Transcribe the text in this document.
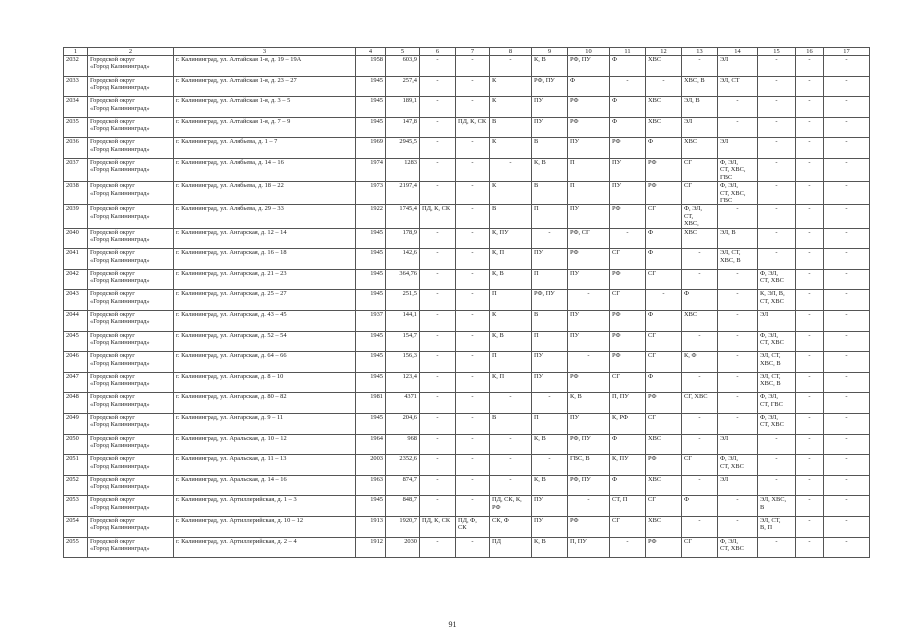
1	2	3	4	5	6	7	8	9	10	11	12	13	14	15	16	17
2032	Городской округ
«Город Калининград»	г. Калининград, ул. Алтайская 1-я, д. 19 – 19А	1958	603,9	-	-	-	К, В	РФ, ПУ	Ф	ХВС	-	ЭЛ	-	-	-
2033	Городской округ
«Город Калининград»	г. Калининград, ул. Алтайская 1-я, д. 23 – 27	1945	257,4	-	-	К	РФ, ПУ	Ф	-	-	ХВС, В	ЭЛ, СТ	-	-	-
2034	Городской округ
«Город Калининград»	г. Калининград, ул. Алтайская 1-я, д. 3 – 5	1945	189,1	-	-	К	ПУ	РФ	Ф	ХВС	ЭЛ, В	-	-	-	-
2035	Городской округ
«Город Калининград»	г. Калининград, ул. Алтайская 1-я, д. 7 – 9	1945	147,8	-	ПД, К, СК	В	ПУ	РФ	Ф	ХВС	ЭЛ	-	-	-	-
2036	Городской округ
«Город Калининград»	г. Калининград, ул. Алябьева, д. 1 – 7	1969	2945,5	-	-	К	В	ПУ	РФ	Ф	ХВС	ЭЛ	-	-	-
2037	Городской округ
«Город Калининград»	г. Калининград, ул. Алябьева, д. 14 – 16	1974	1283	-	-	-	К, В	П	ПУ	РФ	СГ	Ф, ЭЛ,
СТ, ХВС,
ГВС	-	-	-
2038	Городской округ
«Город Калининград»	г. Калининград, ул. Алябьева, д. 18 – 22	1973	2197,4	-	-	К	В	П	ПУ	РФ	СГ	Ф, ЭЛ,
СТ, ХВС,
ГВС	-	-	-
2039	Городской округ
«Город Калининград»	г. Калининград, ул. Алябьева, д. 29 – 33	1922	1745,4	ПД, К, СК	-	В	П	ПУ	РФ	СГ	Ф, ЭЛ,
СТ,
ХВС,	-	-	-	-
2040	Городской округ
«Город Калининград»	г. Калининград, ул. Ангарская, д. 12 – 14	1945	178,9	-	-	К, ПУ	-	РФ, СГ	-	Ф	ХВС	ЭЛ, В	-	-	-
2041	Городской округ
«Город Калининград»	г. Калининград, ул. Ангарская, д. 16 – 18	1945	142,6	-	-	К, П	ПУ	РФ	СГ	Ф	-	ЭЛ, СТ,
ХВС, В	-	-	-
2042	Городской округ
«Город Калининград»	г. Калининград, ул. Ангарская, д. 21 – 23	1945	364,76	-	-	К, В	П	ПУ	РФ	СГ	-	-	Ф, ЭЛ,
СТ, ХВС	-	-
2043	Городской округ
«Город Калининград»	г. Калининград, ул. Ангарская, д. 25 – 27	1945	251,5	-	-	П	РФ, ПУ	-	СГ	-	Ф	-	К, ЭЛ, В,
СТ, ХВС	-	-
2044	Городской округ
«Город Калининград»	г. Калининград, ул. Ангарская, д. 43 – 45	1937	144,1	-	-	К	В	ПУ	РФ	Ф	ХВС	-	ЭЛ	-	-
2045	Городской округ
«Город Калининград»	г. Калининград, ул. Ангарская, д. 52 – 54	1945	154,7	-	-	К, В	П	ПУ	РФ	СГ	-	-	Ф, ЭЛ,
СТ, ХВС	-	-
2046	Городской округ
«Город Калининград»	г. Калининград, ул. Ангарская, д. 64 – 66	1945	156,3	-	-	П	ПУ	-	РФ	СГ	К, Ф	-	ЭЛ, СТ,
ХВС, В	-	-
2047	Городской округ
«Город Калининград»	г. Калининград, ул. Ангарская, д. 8 – 10	1945	123,4	-	-	К, П	ПУ	РФ	СГ	Ф	-	-	ЭЛ, СТ,
ХВС, В	-	-
2048	Городской округ
«Город Калининград»	г. Калининград, ул. Ангарская, д. 80 – 82	1981	4371	-	-	-	-	К, В	П, ПУ	РФ	СГ, ХВС	-	Ф, ЭЛ,
СТ, ГВС	-	-
2049	Городской округ
«Город Калининград»	г. Калининград, ул. Ангарская, д. 9 – 11	1945	204,6	-	-	В	П	ПУ	К, РФ	СГ	-	-	Ф, ЭЛ,
СТ, ХВС	-	-
2050	Городской округ
«Город Калининград»	г. Калининград, ул. Аральская, д. 10 – 12	1964	968	-	-	-	К, В	РФ, ПУ	Ф	ХВС	-	ЭЛ	-	-	-
2051	Городской округ
«Город Калининград»	г. Калининград, ул. Аральская, д. 11 – 13	2003	2352,6	-	-	-	-	ГВС, В	К, ПУ	РФ	СГ	Ф, ЭЛ,
СТ, ХВС	-	-	-
2052	Городской округ
«Город Калининград»	г. Калининград, ул. Аральская, д. 14 – 16	1963	874,7	-	-	-	К, В	РФ, ПУ	Ф	ХВС	-	ЭЛ	-	-	-
2053	Городской округ
«Город Калининград»	г. Калининград, ул. Артиллерийская, д. 1 – 3	1945	848,7	-	-	ПД, СК, К,
РФ	ПУ	-	СТ, П	СГ	Ф	-	ЭЛ, ХВС,
В	-	-
2054	Городской округ
«Город Калининград»	г. Калининград, ул. Артиллерийская, д. 10 – 12	1913	1920,7	ПД, К, СК	ПД, Ф,
СК	СК, Ф	ПУ	РФ	СГ	ХВС	-	-	ЭЛ, СТ,
В, П	-	-
2055	Городской округ
«Город Калининград»	г. Калининград, ул. Артиллерийская, д. 2 – 4	1912	2030	-	-	ПД	К, В	П, ПУ	-	РФ	СГ	Ф, ЭЛ,
СТ, ХВС	-	-	-
91
